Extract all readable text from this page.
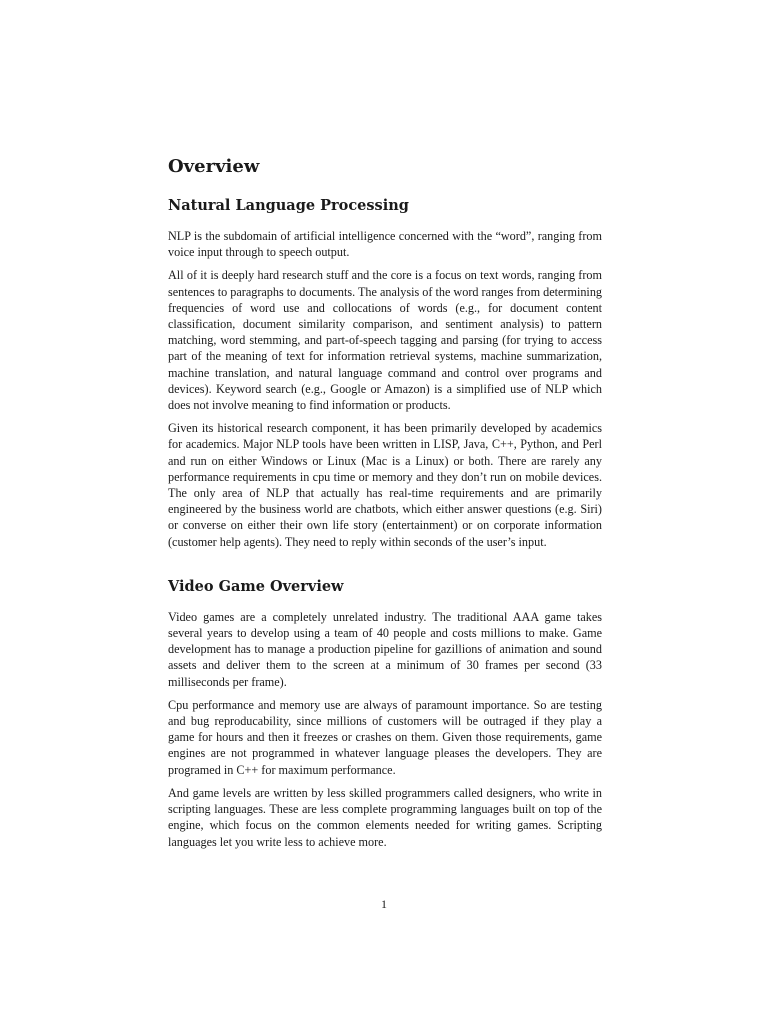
Overview
Natural Language Processing

NLP is the subdomain of artificial intelligence concerned with the “word”, ranging from voice input through to speech output.

All of it is deeply hard research stuff and the core is a focus on text words, ranging from sentences to paragraphs to documents. The analysis of the word ranges from determining frequencies of word use and collocations of words (e.g., for document content classification, document similarity comparison, and sentiment analysis) to pattern matching, word stemming, and part-of-speech tagging and parsing (for trying to access part of the meaning of text for information retrieval systems, machine summarization, machine translation, and natural language command and control over programs and devices). Keyword search (e.g., Google or Amazon) is a simplified use of NLP which does not involve meaning to find information or products.

Given its historical research component, it has been primarily developed by academics for academics. Major NLP tools have been written in LISP, Java, C++, Python, and Perl and run on either Windows or Linux (Mac is a Linux) or both. There are rarely any performance requirements in cpu time or memory and they don’t run on mobile devices. The only area of NLP that actually has real-time requirements and are primarily engineered by the business world are chatbots, which either answer questions (e.g. Siri) or converse on either their own life story (entertainment) or on corporate information (customer help agents). They need to reply within seconds of the user’s input.

Video Game Overview

Video games are a completely unrelated industry. The traditional AAA game takes several years to develop using a team of 40 people and costs millions to make. Game development has to manage a production pipeline for gazillions of animation and sound assets and deliver them to the screen at a minimum of 30 frames per second (33 milliseconds per frame).

Cpu performance and memory use are always of paramount importance. So are testing and bug reproducability, since millions of customers will be outraged if they play a game for hours and then it freezes or crashes on them. Given those requirements, game engines are not programmed in whatever language pleases the developers. They are programed in C++ for maximum performance.

And game levels are written by less skilled programmers called designers, who write in scripting languages. These are less complete programming languages built on top of the engine, which focus on the common elements needed for writing games. Scripting languages let you write less to achieve more.

1
